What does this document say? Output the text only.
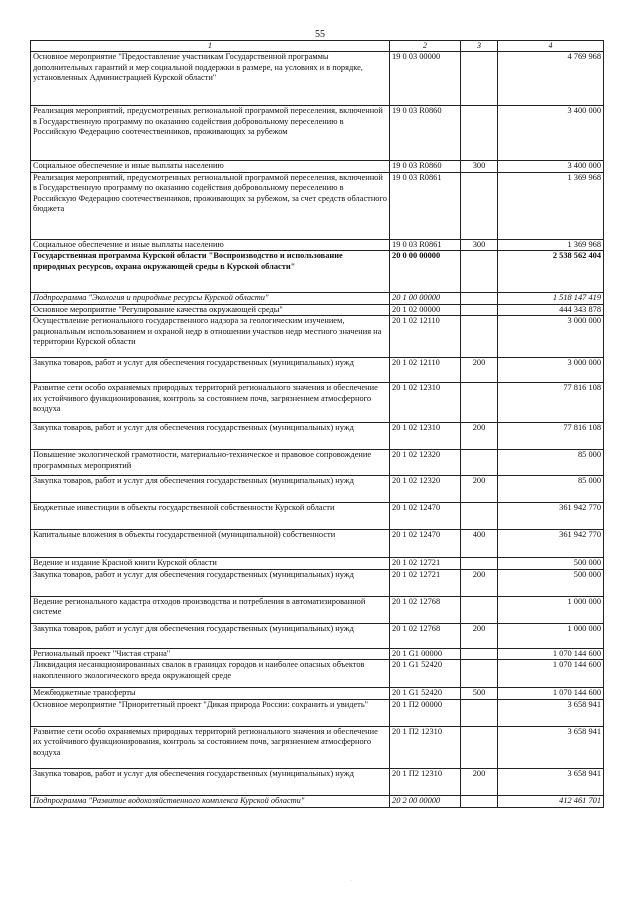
55
1	2	3	4
Основное мероприятие "Предоставление участникам Государственной программы дополнительных гарантий и мер социальной поддержки в размере, на условиях и в порядке, установленных Администрацией Курской области"	19 0 03 00000		4 769 968
Реализация мероприятий, предусмотренных региональной программой переселения, включенной в Государственную программу по оказанию содействия добровольному переселению в Российскую Федерацию соотечественников, проживающих за рубежом	19 0 03 R0860		3 400 000
Социальное обеспечение и иные выплаты населению	19 0 03 R0860	300	3 400 000
Реализация мероприятий, предусмотренных региональной программой переселения, включенной в Государственную программу по оказанию содействия добровольному переселению в Российскую Федерацию соотечественников, проживающих за рубежом, за счет средств областного бюджета	19 0 03 R0861		1 369 968
Социальное обеспечение и иные выплаты населению	19 0 03 R0861	300	1 369 968
Государственная программа Курской области "Воспроизводство и использование природных ресурсов, охрана окружающей среды в Курской области"	20 0 00 00000		2 538 562 404
Подпрограмма "Экология и природные ресурсы Курской области"	20 1 00 00000		1 518 147 419
Основное мероприятие "Регулирование качества окружающей среды"	20 1 02 00000		444 343 878
Осуществление регионального государственного надзора за геологическим изучением, рациональным использованием и охраной недр в отношении участков недр местного значения на территории Курской области	20 1 02 12110		3 000 000
Закупка товаров, работ и услуг для обеспечения государственных (муниципальных) нужд	20 1 02 12110	200	3 000 000
Развитие сети особо охраняемых природных территорий регионального значения и обеспечение их устойчивого функционирования, контроль за состоянием почв, загрязнением атмосферного воздуха	20 1 02 12310		77 816 108
Закупка товаров, работ и услуг для обеспечения государственных (муниципальных) нужд	20 1 02 12310	200	77 816 108
Повышение экологической грамотности, материально-техническое и правовое сопровождение программных мероприятий	20 1 02 12320		85 000
Закупка товаров, работ и услуг для обеспечения государственных (муниципальных) нужд	20 1 02 12320	200	85 000
Бюджетные инвестиции в объекты государственной собственности Курской области	20 1 02 12470		361 942 770
Капитальные вложения в объекты государственной (муниципальной) собственности	20 1 02 12470	400	361 942 770
Ведение и издание Красной книги Курской области	20 1 02 12721		500 000
Закупка товаров, работ и услуг для обеспечения государственных (муниципальных) нужд	20 1 02 12721	200	500 000
Ведение регионального кадастра отходов производства и потребления в автоматизированной системе	20 1 02 12768		1 000 000
Закупка товаров, работ и услуг для обеспечения государственных (муниципальных) нужд	20 1 02 12768	200	1 000 000
Региональный проект "Чистая страна"	20 1 G1 00000		1 070 144 600
Ликвидация несанкционированных свалок в границах городов и наиболее опасных объектов накопленного экологического вреда окружающей среде	20 1 G1 52420		1 070 144 600
Межбюджетные трансферты	20 1 G1 52420	500	1 070 144 600
Основное мероприятие "Приоритетный проект "Дикая природа России: сохранить и увидеть"	20 1 П2 00000		3 658 941
Развитие сети особо охраняемых природных территорий регионального значения и обеспечение их устойчивого функционирования, контроль за состоянием почв, загрязнением атмосферного воздуха	20 1 П2 12310		3 658 941
Закупка товаров, работ и услуг для обеспечения государственных (муниципальных) нужд	20 1 П2 12310	200	3 658 941
Подпрограмма "Развитие водохозяйственного комплекса Курской области"	20 2 00 00000		412 461 701
·
